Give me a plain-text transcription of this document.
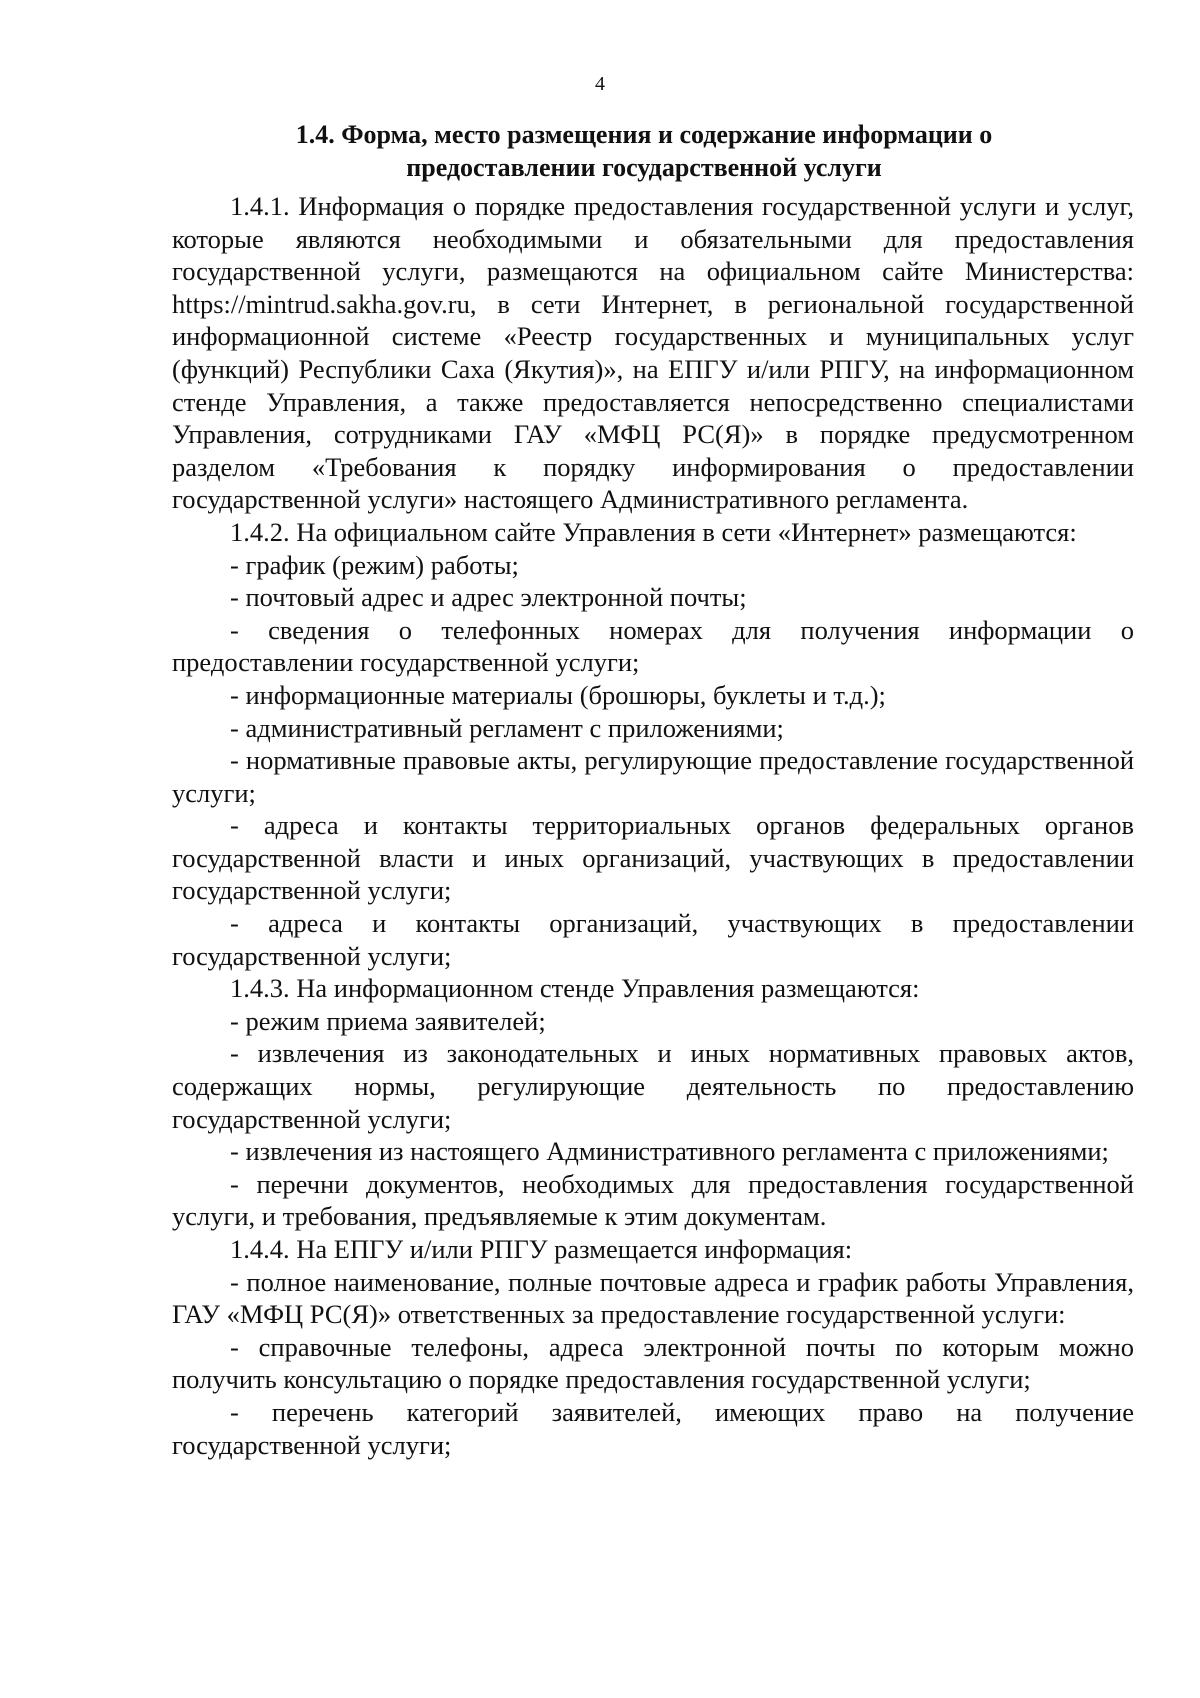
4
1.4. Форма, место размещения и содержание информации о
предоставлении государственной услуги

1.4.1. Информация о порядке предоставления государственной услуги и услуг, которые являются необходимыми и обязательными для предоставления государственной услуги, размещаются на официальном сайте Министерства: https://mintrud.sakha.gov.ru, в сети Интернет, в региональной государственной информационной системе «Реестр государственных и муниципальных услуг (функций) Республики Саха (Якутия)», на ЕПГУ и/или РПГУ, на информационном стенде Управления, а также предоставляется непосредственно специалистами Управления, сотрудниками ГАУ «МФЦ РС(Я)» в порядке предусмотренном разделом «Требования к порядку информирования о предоставлении государственной услуги» настоящего Административного регламента.

1.4.2. На официальном сайте Управления в сети «Интернет» размещаются:

- график (режим) работы;

- почтовый адрес и адрес электронной почты;

- сведения о телефонных номерах для получения информации о предоставлении государственной услуги;

- информационные материалы (брошюры, буклеты и т.д.);

- административный регламент с приложениями;

- нормативные правовые акты, регулирующие предоставление государственной услуги;

- адреса и контакты территориальных органов федеральных органов государственной власти и иных организаций, участвующих в предоставлении государственной услуги;

- адреса и контакты организаций, участвующих в предоставлении государственной услуги;

1.4.3. На информационном стенде Управления размещаются:

- режим приема заявителей;

- извлечения из законодательных и иных нормативных правовых актов, содержащих нормы, регулирующие деятельность по предоставлению государственной услуги;

- извлечения из настоящего Административного регламента с приложениями;

- перечни документов, необходимых для предоставления государственной услуги, и требования, предъявляемые к этим документам.

1.4.4. На ЕПГУ и/или РПГУ размещается информация:

- полное наименование, полные почтовые адреса и график работы Управления, ГАУ «МФЦ РС(Я)» ответственных за предоставление государственной услуги:

- справочные телефоны, адреса электронной почты по которым можно получить консультацию о порядке предоставления государственной услуги;

- перечень категорий заявителей, имеющих право на получение государственной услуги;
